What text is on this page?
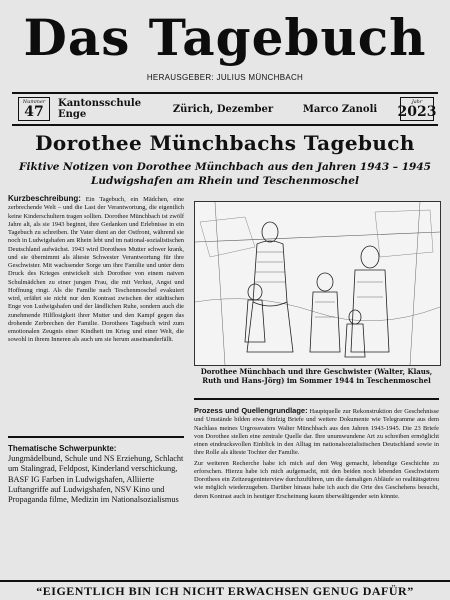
Das Tagebuch
HERAUSGEBER: JULIUS MÜNCHBACH
Nummer
47
Kantonsschule Enge	Zürich, Dezember	Marco Zanoli
Jahr
2023
Dorothee Münchbachs Tagebuch
Fiktive Notizen von Dorothee Münchbach aus den Jahren 1943 – 1945
Ludwigshafen am Rhein und Teschenmoschel
Kurzbeschreibung: Ein Tagebuch, ein Mädchen, eine zerbrechende Welt – und die Last der Verantwortung, die eigentlich keine Kinderschultern tragen sollten. Dorothee Münchbach ist zwölf Jahre alt, als sie 1943 beginnt, ihre Gedanken und Erlebnisse in ein Tagebuch zu schreiben. Ihr Vater dient an der Ostfront, während sie noch in Ludwigshafen am Rhein lebt und im national-sozialistischen Deutschland aufwächst. 1943 wird Dorothees Mutter schwer krank, und sie übernimmt als älteste Schwester Verantwortung für ihre Geschwister. Mit wachsender Sorge um ihre Familie und unter dem Druck des Krieges entwickelt sich Dorothee von einem naiven Schulmädchen zu einer jungen Frau, die mit Verlust, Angst und Hoffnung ringt. Als die Familie nach Teschenmoschel evakuiert wird, erfährt sie nicht nur den Kontrast zwischen der städtischen Enge von Ludwigshafen und der ländlichen Ruhe, sondern auch die zunehmende Hilflosigkeit ihrer Mutter und den Kampf gegen das drohende Zerbrechen der Familie. Dorothees Tagebuch wird zum emotionalen Zeugnis einer Kindheit im Krieg und einer Welt, die sowohl in ihrem Inneren als auch um sie herum auseinanderfällt.
Thematische Schwerpunkte:
Jungmädelbund, Schule und NS Erziehung, Schlacht um Stalingrad, Feldpost, Kinderland verschickung, BASF IG Farben in Ludwigshafen, Alliierte Luftangriffe auf Ludwigshafen, NSV Kino und Propaganda filme, Medizin im Nationalsozialismus
Dorothee Münchbach und ihre Geschwister (Walter, Klaus, Ruth und Hans-Jörg) im Sommer 1944 in Teschenmoschel
Prozess und Quellengrundlage: Hauptquelle zur Rekonstruktion der Geschehnisse und Umstände bilden etwa fünfzig Briefe und weitere Dokumente wie Telegramme aus dem Nachlass meines Urgrossvaters Walter Münchbach aus den Jahren 1943-1945. Die 23 Briefe von Dorothee stellen eine zentrale Quelle dar. Ihre unumwundene Art zu schreiben ermöglicht einen eindrucksvollen Einblick in den Alltag im nationalsozialistischen Deutschland sowie in ihre Rolle als älteste Tochter der Familie.
Zur weiteren Recherche habe ich mich auf den Weg gemacht, lebendige Geschichte zu erforschen. Hierzu habe ich mich aufgemacht, mit den beiden noch lebenden Geschwistern Dorothees ein Zeitzeugeninterview durchzuführen, um die damaligen Abläufe so realitätsgetreu wie möglich wiederzugeben. Darüber hinaus habe ich auch die Orte des Geschehens besucht, deren Kontrast auch in heutiger Erscheinung kaum überwältigender sein könnte.
“EIGENTLICH BIN ICH NICHT ERWACHSEN GENUG DAFÜR”
